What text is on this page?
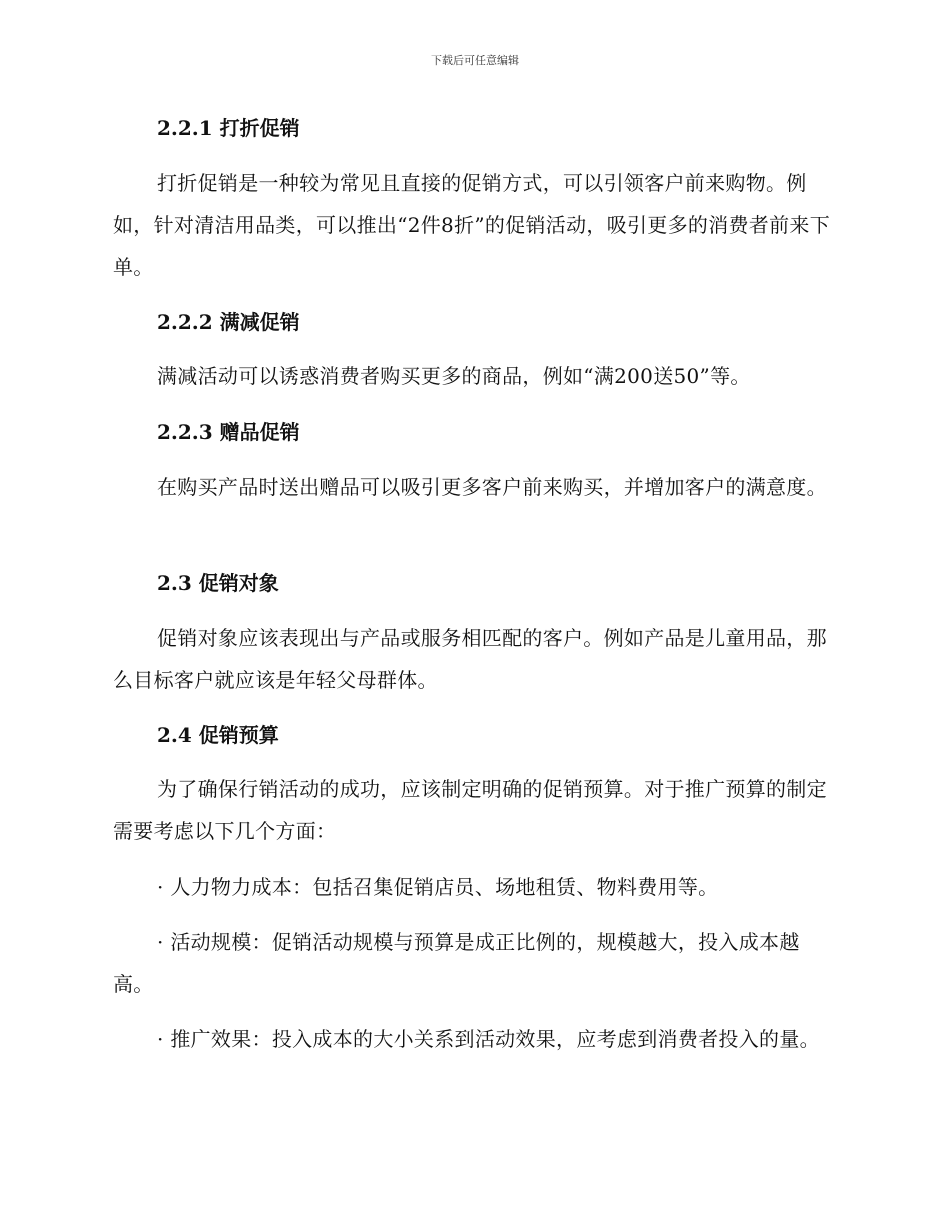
下载后可任意编辑
2.2.1 打折促销
打折促销是一种较为常见且直接的促销方式，可以引领客户前来购物。例如，针对清洁用品类，可以推出“2件8折”的促销活动，吸引更多的消费者前来下单。
2.2.2 满减促销
满减活动可以诱惑消费者购买更多的商品，例如“满200送50”等。
2.2.3 赠品促销
在购买产品时送出赠品可以吸引更多客户前来购买，并增加客户的满意度。
2.3 促销对象
促销对象应该表现出与产品或服务相匹配的客户。例如产品是儿童用品，那么目标客户就应该是年轻父母群体。
2.4 促销预算
为了确保行销活动的成功，应该制定明确的促销预算。对于推广预算的制定需要考虑以下几个方面：
· 人力物力成本：包括召集促销店员、场地租赁、物料费用等。
· 活动规模：促销活动规模与预算是成正比例的，规模越大，投入成本越高。
· 推广效果：投入成本的大小关系到活动效果，应考虑到消费者投入的量。
